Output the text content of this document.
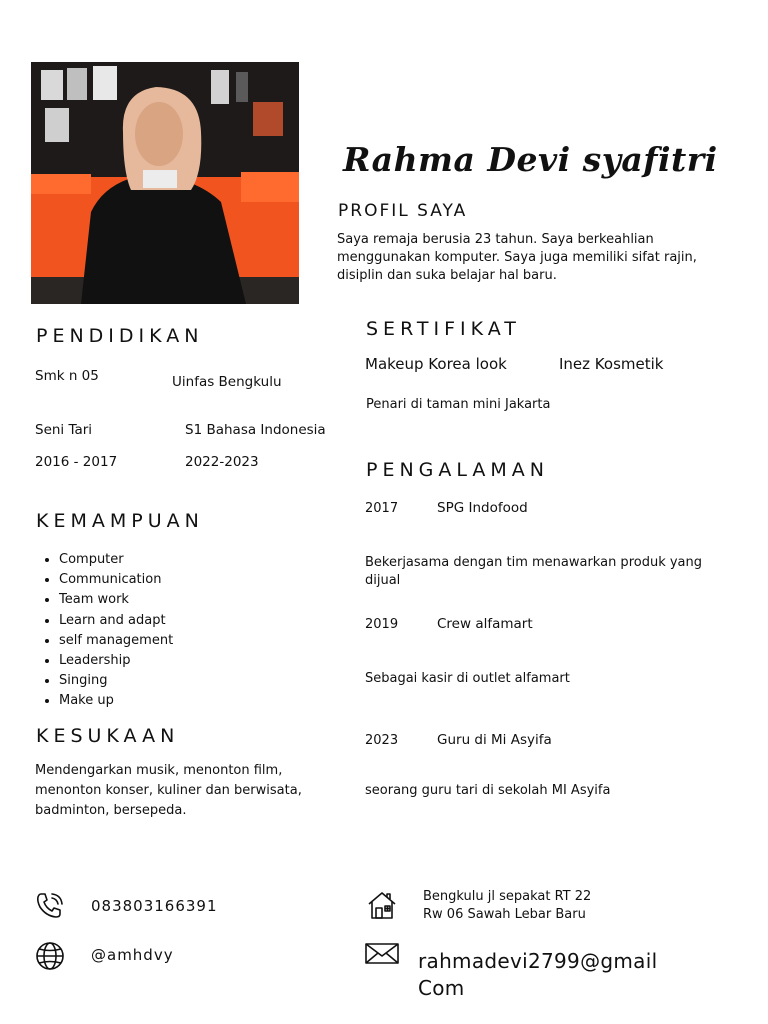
Rahma Devi syafitri
PROFIL SAYA
Saya remaja berusia 23 tahun. Saya berkeahlian menggunakan komputer. Saya juga memiliki sifat rajin, disiplin dan suka belajar hal baru.
PENDIDIKAN
Smk n 05	Uinfas Bengkulu
Seni Tari	S1 Bahasa Indonesia
2016 - 2017	2022-2023
KEMAMPUAN
• Computer
• Communication
• Team work
• Learn and adapt
• self management
• Leadership
• Singing
• Make up
KESUKAAN
Mendengarkan musik, menonton film, menonton konser, kuliner dan berwisata, badminton, bersepeda.
SERTIFIKAT
Makeup Korea look	Inez Kosmetik
Penari di taman mini Jakarta
PENGALAMAN
2017	SPG Indofood
Bekerjasama dengan tim menawarkan produk yang dijual
2019	Crew alfamart
Sebagai kasir di outlet alfamart
2023	Guru di Mi Asyifa
seorang guru tari di sekolah MI Asyifa
083803166391
@amhdvy
Bengkulu jl sepakat RT 22
Rw 06 Sawah Lebar Baru
rahmadevi2799@gmail
Com
